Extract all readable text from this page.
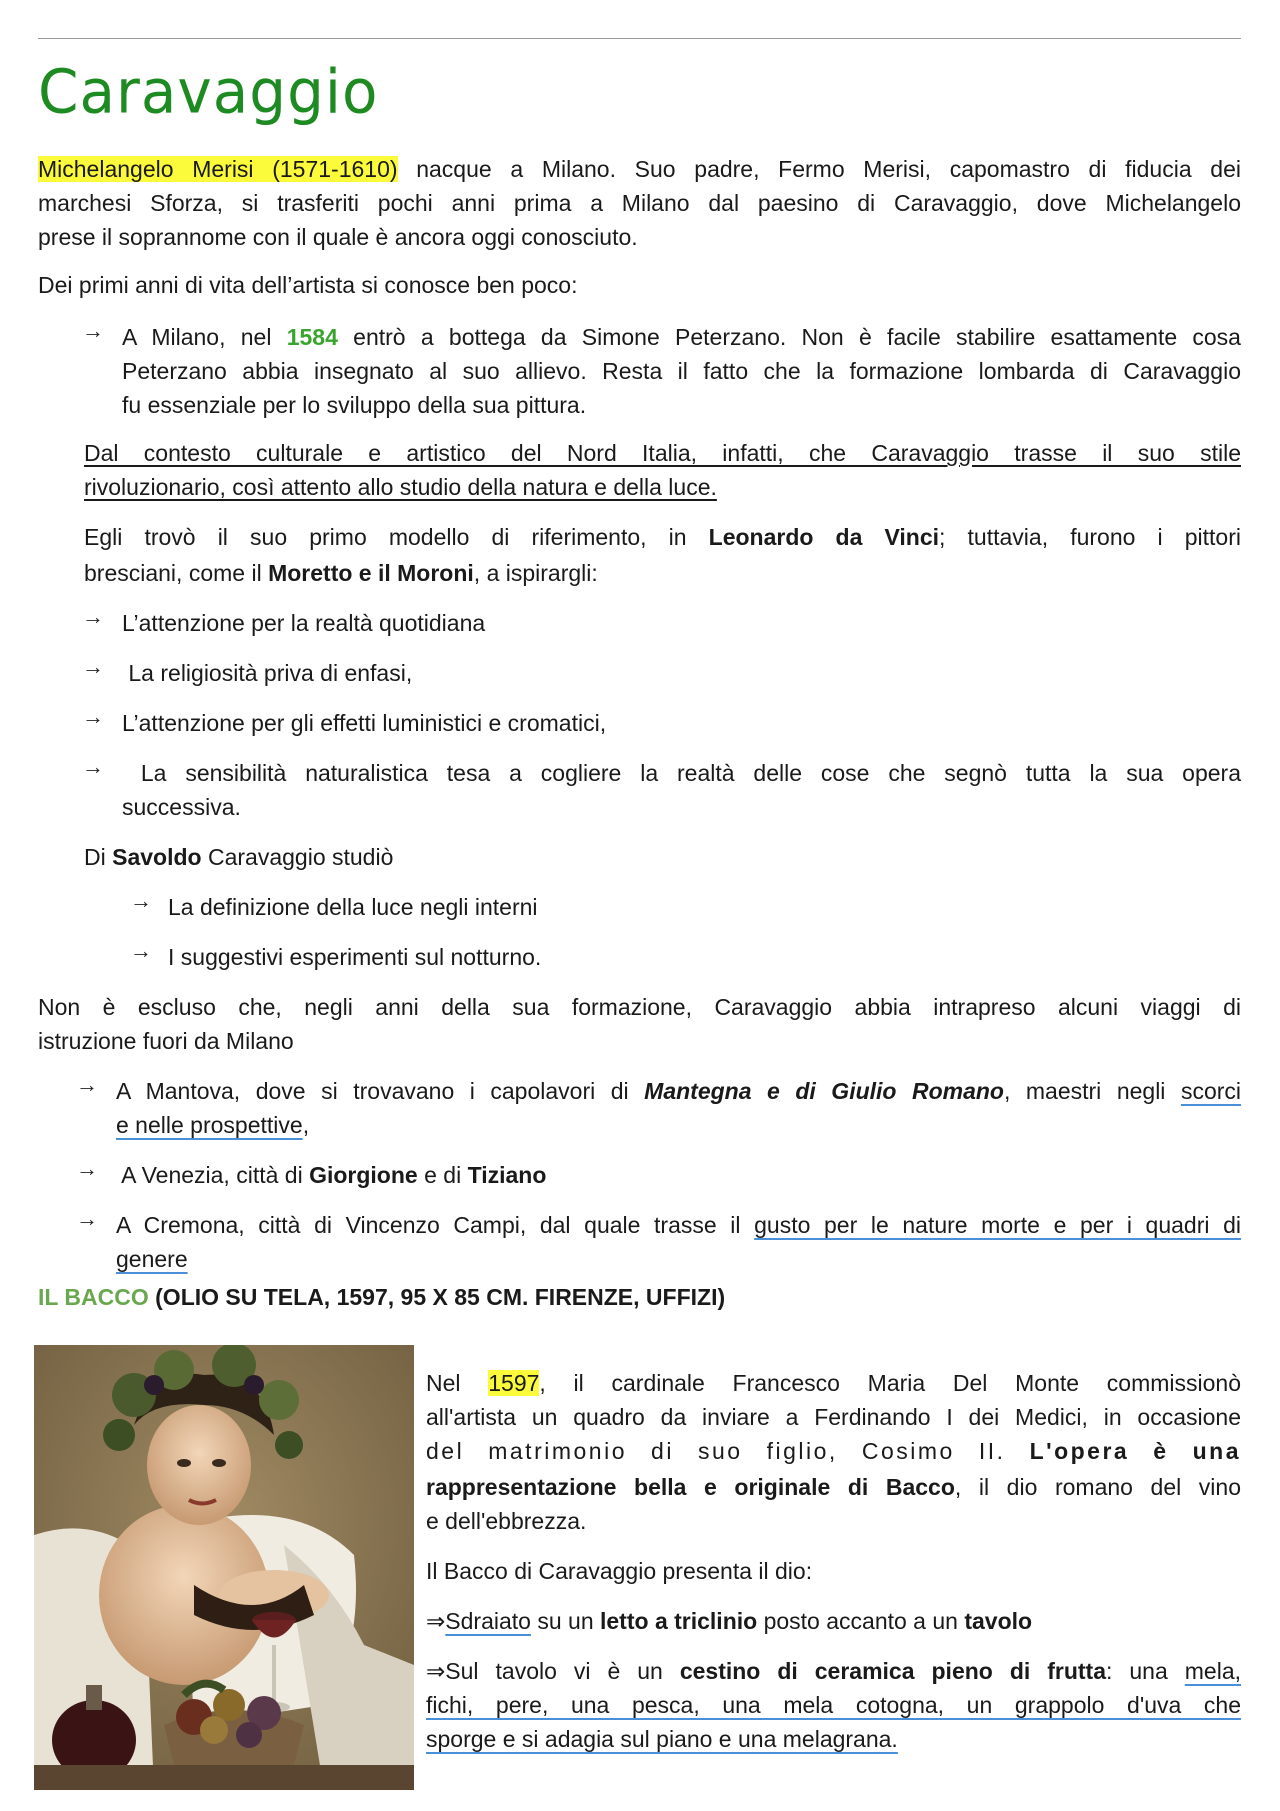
Caravaggio

Michelangelo Merisi (1571-1610) nacque a Milano. Suo padre, Fermo Merisi, capomastro di fiducia dei

marchesi Sforza, si trasferiti pochi anni prima a Milano dal paesino di Caravaggio, dove Michelangelo

prese il soprannome con il quale è ancora oggi conosciuto.

Dei primi anni di vita dell’artista si conosce ben poco:

→ A Milano, nel 1584 entrò a bottega da Simone Peterzano. Non è facile stabilire esattamente cosa

Peterzano abbia insegnato al suo allievo. Resta il fatto che la formazione lombarda di Caravaggio

fu essenziale per lo sviluppo della sua pittura.

Dal contesto culturale e artistico del Nord Italia, infatti, che Caravaggio trasse il suo stile

rivoluzionario, così attento allo studio della natura e della luce.

Egli trovò il suo primo modello di riferimento, in Leonardo da Vinci; tuttavia, furono i pittori

bresciani, come il Moretto e il Moroni, a ispirargli:

→ L’attenzione per la realtà quotidiana

→ La religiosità priva di enfasi,

→ L’attenzione per gli effetti luministici e cromatici,

→ La sensibilità naturalistica tesa a cogliere la realtà delle cose che segnò tutta la sua opera

successiva.

Di Savoldo Caravaggio studiò

→ La definizione della luce negli interni

→ I suggestivi esperimenti sul notturno.

Non è escluso che, negli anni della sua formazione, Caravaggio abbia intrapreso alcuni viaggi di

istruzione fuori da Milano

→ A Mantova, dove si trovavano i capolavori di Mantegna e di Giulio Romano, maestri negli scorci

e nelle prospettive,

→ A Venezia, città di Giorgione e di Tiziano

→ A Cremona, città di Vincenzo Campi, dal quale trasse il gusto per le nature morte e per i quadri di

genere

IL BACCO (OLIO SU TELA, 1597, 95 X 85 CM. FIRENZE, UFFIZI)

Nel 1597, il cardinale Francesco Maria Del Monte commissionò

all'artista un quadro da inviare a Ferdinando I dei Medici, in occasione

del matrimonio di suo figlio, Cosimo II. L'opera è una

rappresentazione bella e originale di Bacco, il dio romano del vino

e dell'ebbrezza.

Il Bacco di Caravaggio presenta il dio:

⇒Sdraiato su un letto a triclinio posto accanto a un tavolo

⇒Sul tavolo vi è un cestino di ceramica pieno di frutta: una mela,

fichi, pere, una pesca, una mela cotogna, un grappolo d'uva che

sporge e si adagia sul piano e una melagrana.
